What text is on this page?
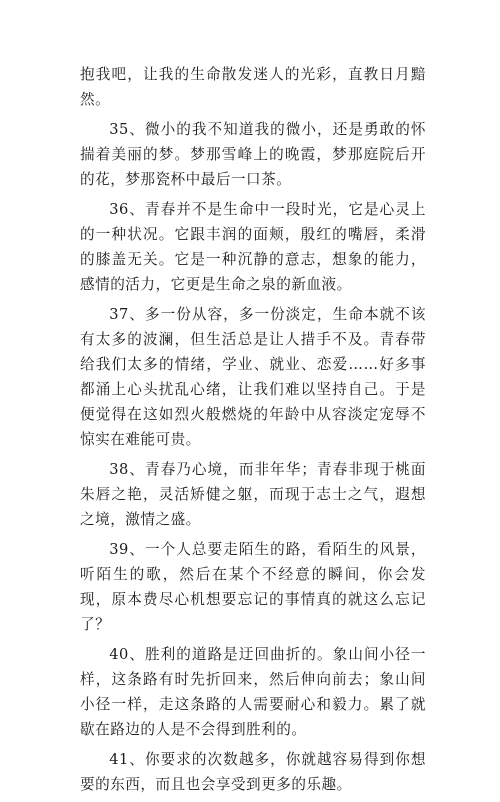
抱我吧，让我的生命散发迷人的光彩，直教日月黯然。

35、微小的我不知道我的微小，还是勇敢的怀揣着美丽的梦。梦那雪峰上的晚霞，梦那庭院后开的花，梦那瓷杯中最后一口茶。

36、青春并不是生命中一段时光，它是心灵上的一种状况。它跟丰润的面颊，殷红的嘴唇，柔滑的膝盖无关。它是一种沉静的意志，想象的能力，感情的活力，它更是生命之泉的新血液。

37、多一份从容，多一份淡定，生命本就不该有太多的波澜，但生活总是让人措手不及。青春带给我们太多的情绪，学业、就业、恋爱……好多事都涌上心头扰乱心绪，让我们难以坚持自己。于是便觉得在这如烈火般燃烧的年龄中从容淡定宠辱不惊实在难能可贵。

38、青春乃心境，而非年华；青春非现于桃面朱唇之艳，灵活矫健之躯，而现于志士之气，遐想之境，激情之盛。

39、一个人总要走陌生的路，看陌生的风景，听陌生的歌，然后在某个不经意的瞬间，你会发现，原本费尽心机想要忘记的事情真的就这么忘记了？

40、胜利的道路是迂回曲折的。象山间小径一样，这条路有时先折回来，然后伸向前去；象山间小径一样，走这条路的人需要耐心和毅力。累了就歇在路边的人是不会得到胜利的。

41、你要求的次数越多，你就越容易得到你想要的东西，而且也会享受到更多的乐趣。
